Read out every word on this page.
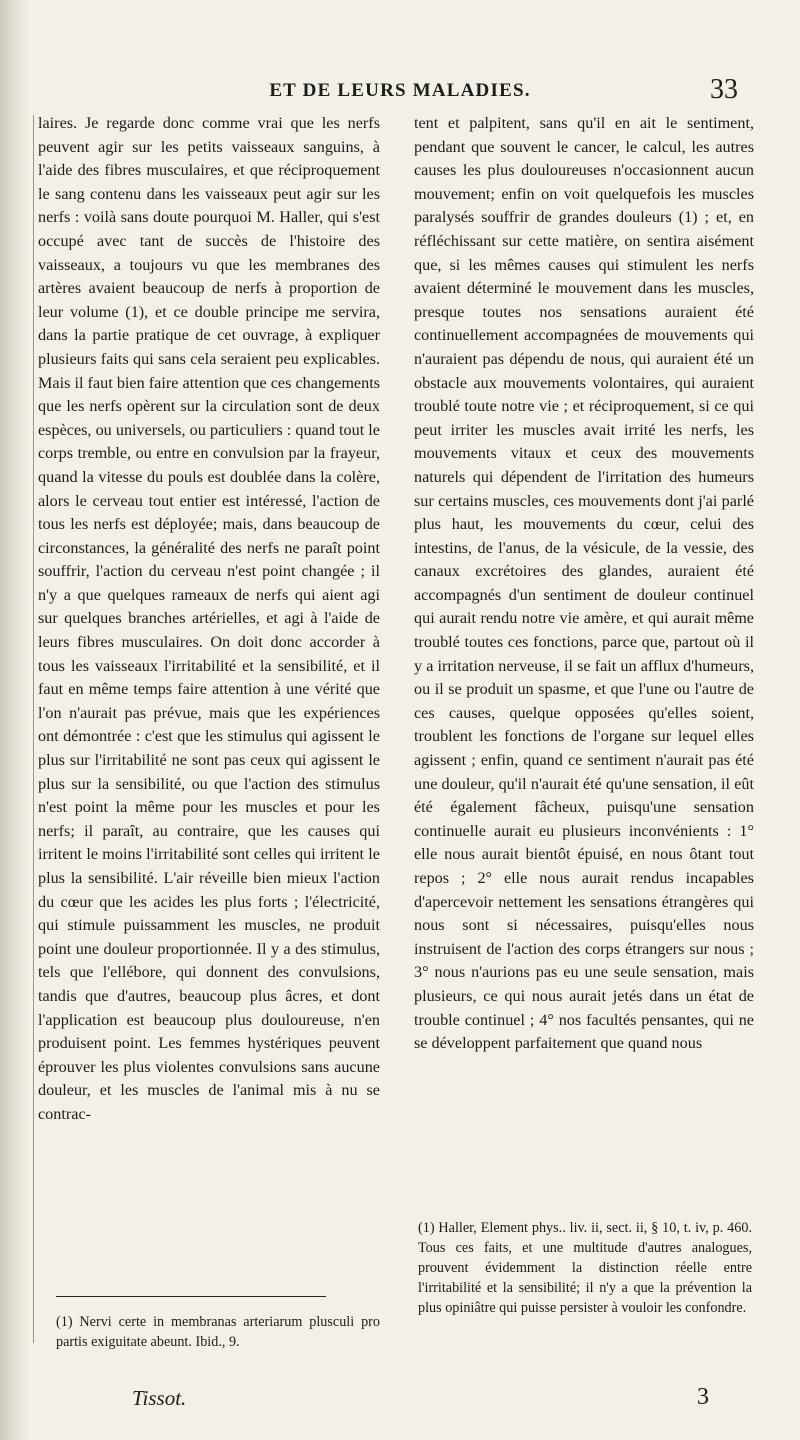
ET DE LEURS MALADIES.	33

laires. Je regarde donc comme vrai que les nerfs peuvent agir sur les petits vaisseaux sanguins, à l'aide des fibres musculaires, et que réciproquement le sang contenu dans les vaisseaux peut agir sur les nerfs : voilà sans doute pourquoi M. Haller, qui s'est occupé avec tant de succès de l'histoire des vaisseaux, a toujours vu que les membranes des artères avaient beaucoup de nerfs à proportion de leur volume (1), et ce double principe me servira, dans la partie pratique de cet ouvrage, à expliquer plusieurs faits qui sans cela seraient peu explicables. Mais il faut bien faire attention que ces changements que les nerfs opèrent sur la circulation sont de deux espèces, ou universels, ou particuliers : quand tout le corps tremble, ou entre en convulsion par la frayeur, quand la vitesse du pouls est doublée dans la colère, alors le cerveau tout entier est intéressé, l'action de tous les nerfs est déployée; mais, dans beaucoup de circonstances, la généralité des nerfs ne paraît point souffrir, l'action du cerveau n'est point changée ; il n'y a que quelques rameaux de nerfs qui aient agi sur quelques branches artérielles, et agi à l'aide de leurs fibres musculaires. On doit donc accorder à tous les vaisseaux l'irritabilité et la sensibilité, et il faut en même temps faire attention à une vérité que l'on n'aurait pas prévue, mais que les expériences ont démontrée : c'est que les stimulus qui agissent le plus sur l'irritabilité ne sont pas ceux qui agissent le plus sur la sensibilité, ou que l'action des stimulus n'est point la même pour les muscles et pour les nerfs; il paraît, au contraire, que les causes qui irritent le moins l'irritabilité sont celles qui irritent le plus la sensibilité. L'air réveille bien mieux l'action du cœur que les acides les plus forts ; l'électricité, qui stimule puissamment les muscles, ne produit point une douleur proportionnée. Il y a des stimulus, tels que l'ellébore, qui donnent des convulsions, tandis que d'autres, beaucoup plus âcres, et dont l'application est beaucoup plus douloureuse, n'en produisent point. Les femmes hystériques peuvent éprouver les plus violentes convulsions sans aucune douleur, et les muscles de l'animal mis à nu se contrac-

tent et palpitent, sans qu'il en ait le sentiment, pendant que souvent le cancer, le calcul, les autres causes les plus douloureuses n'occasionnent aucun mouvement; enfin on voit quelquefois les muscles paralysés souffrir de grandes douleurs (1) ; et, en réfléchissant sur cette matière, on sentira aisément que, si les mêmes causes qui stimulent les nerfs avaient déterminé le mouvement dans les muscles, presque toutes nos sensations auraient été continuellement accompagnées de mouvements qui n'auraient pas dépendu de nous, qui auraient été un obstacle aux mouvements volontaires, qui auraient troublé toute notre vie ; et réciproquement, si ce qui peut irriter les muscles avait irrité les nerfs, les mouvements vitaux et ceux des mouvements naturels qui dépendent de l'irritation des humeurs sur certains muscles, ces mouvements dont j'ai parlé plus haut, les mouvements du cœur, celui des intestins, de l'anus, de la vésicule, de la vessie, des canaux excrétoires des glandes, auraient été accompagnés d'un sentiment de douleur continuel qui aurait rendu notre vie amère, et qui aurait même troublé toutes ces fonctions, parce que, partout où il y a irritation nerveuse, il se fait un afflux d'humeurs, ou il se produit un spasme, et que l'une ou l'autre de ces causes, quelque opposées qu'elles soient, troublent les fonctions de l'organe sur lequel elles agissent ; enfin, quand ce sentiment n'aurait pas été une douleur, qu'il n'aurait été qu'une sensation, il eût été également fâcheux, puisqu'une sensation continuelle aurait eu plusieurs inconvénients : 1° elle nous aurait bientôt épuisé, en nous ôtant tout repos ; 2° elle nous aurait rendus incapables d'apercevoir nettement les sensations étrangères qui nous sont si nécessaires, puisqu'elles nous instruisent de l'action des corps étrangers sur nous ; 3° nous n'aurions pas eu une seule sensation, mais plusieurs, ce qui nous aurait jetés dans un état de trouble continuel ; 4° nos facultés pensantes, qui ne se développent parfaitement que quand nous

(1) Nervi certe in membranas arteriarum plusculi pro partis exiguitate abeunt. Ibid., 9.
(1) Haller, Element phys.. liv. ii, sect. ii, § 10, t. iv, p. 460. Tous ces faits, et une multitude d'autres analogues, prouvent évidemment la distinction réelle entre l'irritabilité et la sensibilité; il n'y a que la prévention la plus opiniâtre qui puisse persister à vouloir les confondre.
Tissot.	3
